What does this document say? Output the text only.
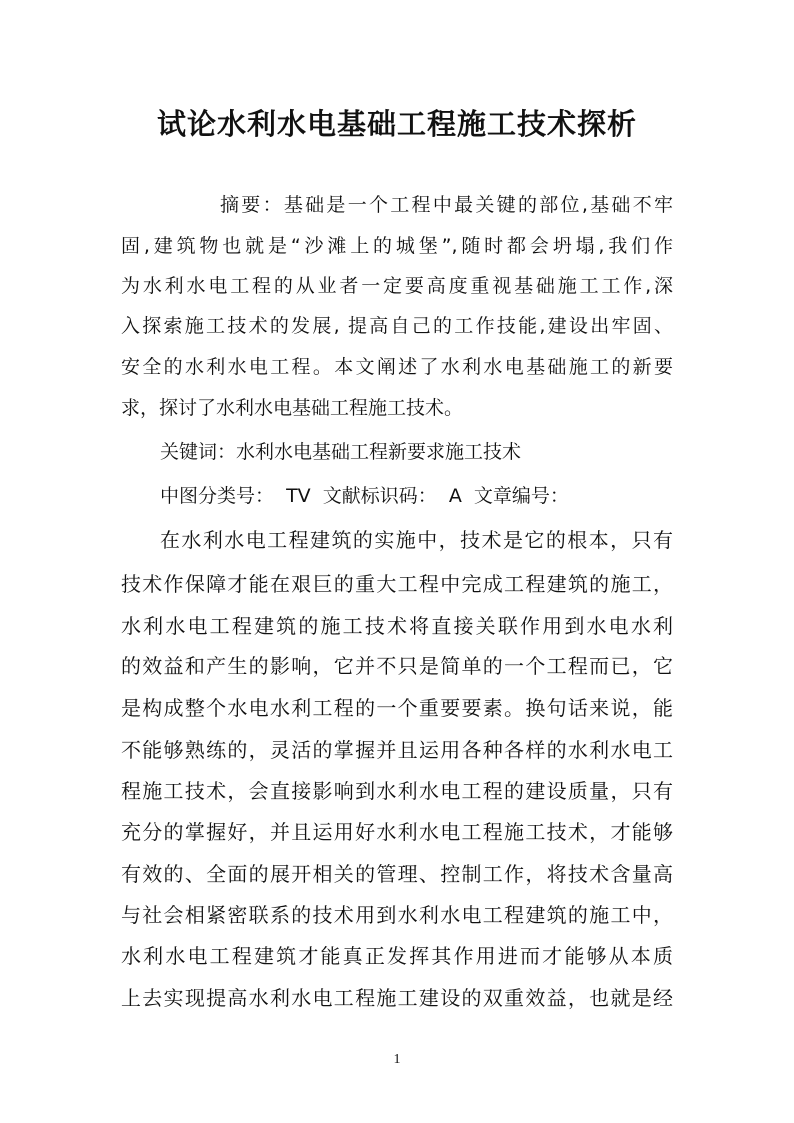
试论水利水电基础工程施工技术探析
摘要：基础是一个工程中最关键的部位,基础不牢
固,建筑物也就是“沙滩上的城堡”,随时都会坍塌,我们作
为水利水电工程的从业者一定要高度重视基础施工工作,深
入探索施工技术的发展, 提高自己的工作技能,建设出牢固、
安全的水利水电工程。本文阐述了水利水电基础施工的新要
求，探讨了水利水电基础工程施工技术。
关键词：水利水电基础工程新要求施工技术
中图分类号：  TV  文献标识码：  A  文章编号：
在水利水电工程建筑的实施中，技术是它的根本，只有
技术作保障才能在艰巨的重大工程中完成工程建筑的施工，
水利水电工程建筑的施工技术将直接关联作用到水电水利
的效益和产生的影响，它并不只是简单的一个工程而已，它
是构成整个水电水利工程的一个重要要素。换句话来说，能
不能够熟练的，灵活的掌握并且运用各种各样的水利水电工
程施工技术，会直接影响到水利水电工程的建设质量，只有
充分的掌握好，并且运用好水利水电工程施工技术，才能够
有效的、全面的展开相关的管理、控制工作，将技术含量高
与社会相紧密联系的技术用到水利水电工程建筑的施工中，
水利水电工程建筑才能真正发挥其作用进而才能够从本质
上去实现提高水利水电工程施工建设的双重效益，也就是经
1
